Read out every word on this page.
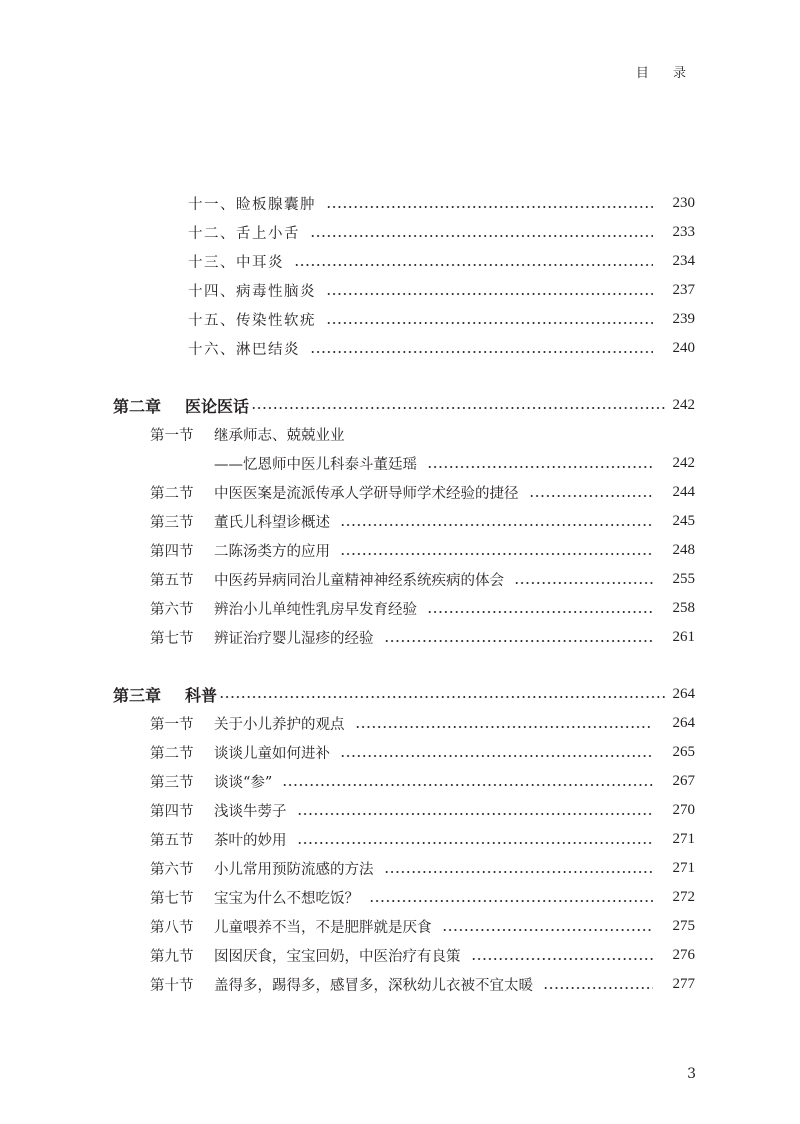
目 录
十一、睑板腺囊肿	230
十二、舌上小舌	233
十三、中耳炎	234
十四、病毒性脑炎	237
十五、传染性软疣	239
十六、淋巴结炎	240
第二章	医论医话	242
第一节	继承师志、兢兢业业
——忆恩师中医儿科泰斗董廷瑶	242
第二节	中医医案是流派传承人学研导师学术经验的捷径	244
第三节	董氏儿科望诊概述	245
第四节	二陈汤类方的应用	248
第五节	中医药异病同治儿童精神神经系统疾病的体会	255
第六节	辨治小儿单纯性乳房早发育经验	258
第七节	辨证治疗婴儿湿疹的经验	261
第三章	科普	264
第一节	关于小儿养护的观点	264
第二节	谈谈儿童如何进补	265
第三节	谈谈“参”	267
第四节	浅谈牛蒡子	270
第五节	茶叶的妙用	271
第六节	小儿常用预防流感的方法	271
第七节	宝宝为什么不想吃饭？	272
第八节	儿童喂养不当，不是肥胖就是厌食	275
第九节	囡囡厌食，宝宝回奶，中医治疗有良策	276
第十节	盖得多，踢得多，感冒多，深秋幼儿衣被不宜太暖	277
3
